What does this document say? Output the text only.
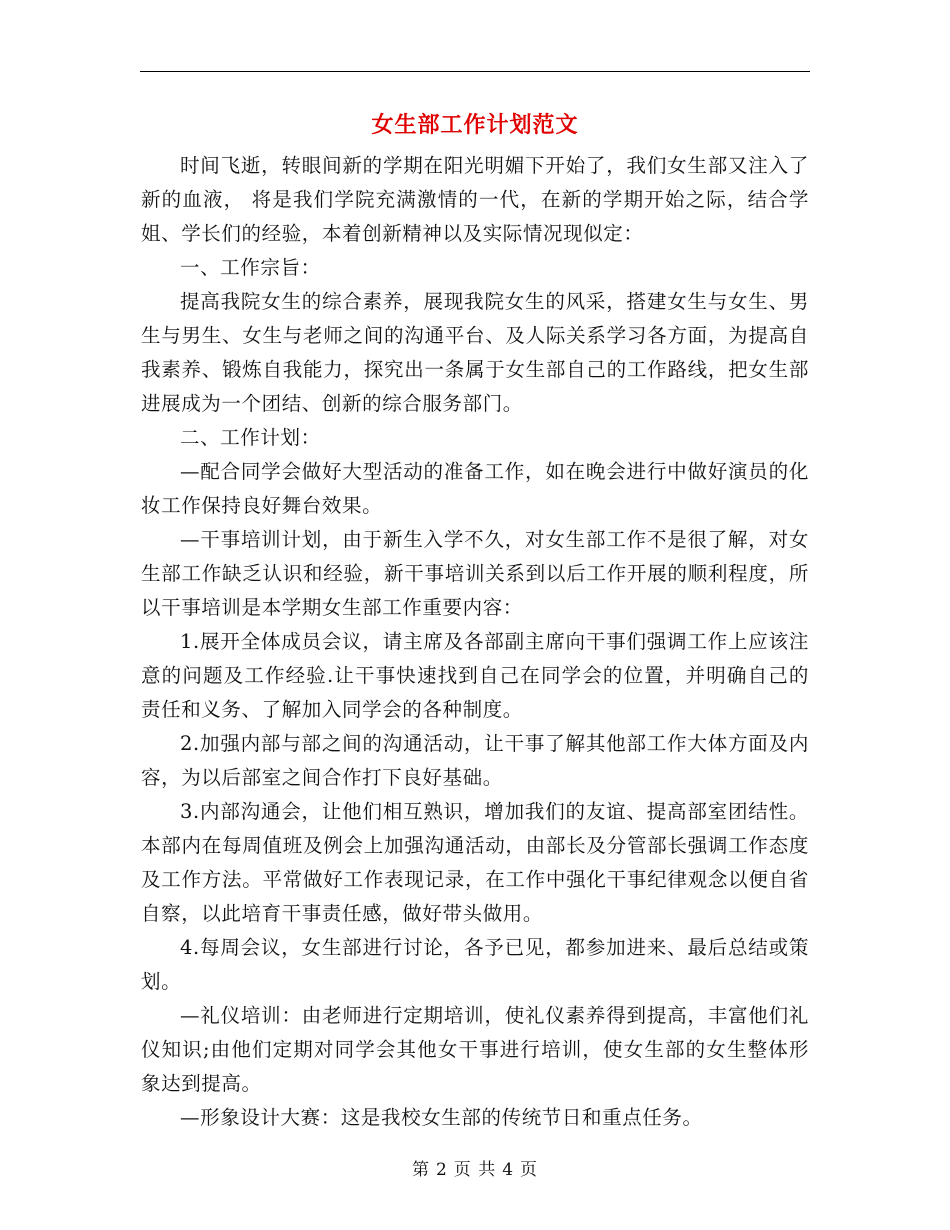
女生部工作计划范文

时间飞逝，转眼间新的学期在阳光明媚下开始了，我们女生部又注入了新的血液， 将是我们学院充满激情的一代，在新的学期开始之际，结合学姐、学长们的经验，本着创新精神以及实际情况现似定：

一、工作宗旨：

提高我院女生的综合素养，展现我院女生的风采，搭建女生与女生、男生与男生、女生与老师之间的沟通平台、及人际关系学习各方面，为提高自我素养、锻炼自我能力，探究出一条属于女生部自己的工作路线，把女生部进展成为一个团结、创新的综合服务部门。

二、工作计划：

—配合同学会做好大型活动的准备工作，如在晚会进行中做好演员的化妆工作保持良好舞台效果。

—干事培训计划，由于新生入学不久，对女生部工作不是很了解，对女生部工作缺乏认识和经验，新干事培训关系到以后工作开展的顺利程度，所以干事培训是本学期女生部工作重要内容：

1.展开全体成员会议，请主席及各部副主席向干事们强调工作上应该注意的问题及工作经验.让干事快速找到自己在同学会的位置，并明确自己的责任和义务、了解加入同学会的各种制度。

2.加强内部与部之间的沟通活动，让干事了解其他部工作大体方面及内容，为以后部室之间合作打下良好基础。

3.内部沟通会，让他们相互熟识，增加我们的友谊、提高部室团结性。本部内在每周值班及例会上加强沟通活动，由部长及分管部长强调工作态度及工作方法。平常做好工作表现记录，在工作中强化干事纪律观念以便自省自察，以此培育干事责任感，做好带头做用。

4.每周会议，女生部进行讨论，各予已见，都参加进来、最后总结或策划。

—礼仪培训：由老师进行定期培训，使礼仪素养得到提高，丰富他们礼仪知识;由他们定期对同学会其他女干事进行培训，使女生部的女生整体形象达到提高。

—形象设计大赛：这是我校女生部的传统节日和重点任务。

第 2 页 共 4 页
